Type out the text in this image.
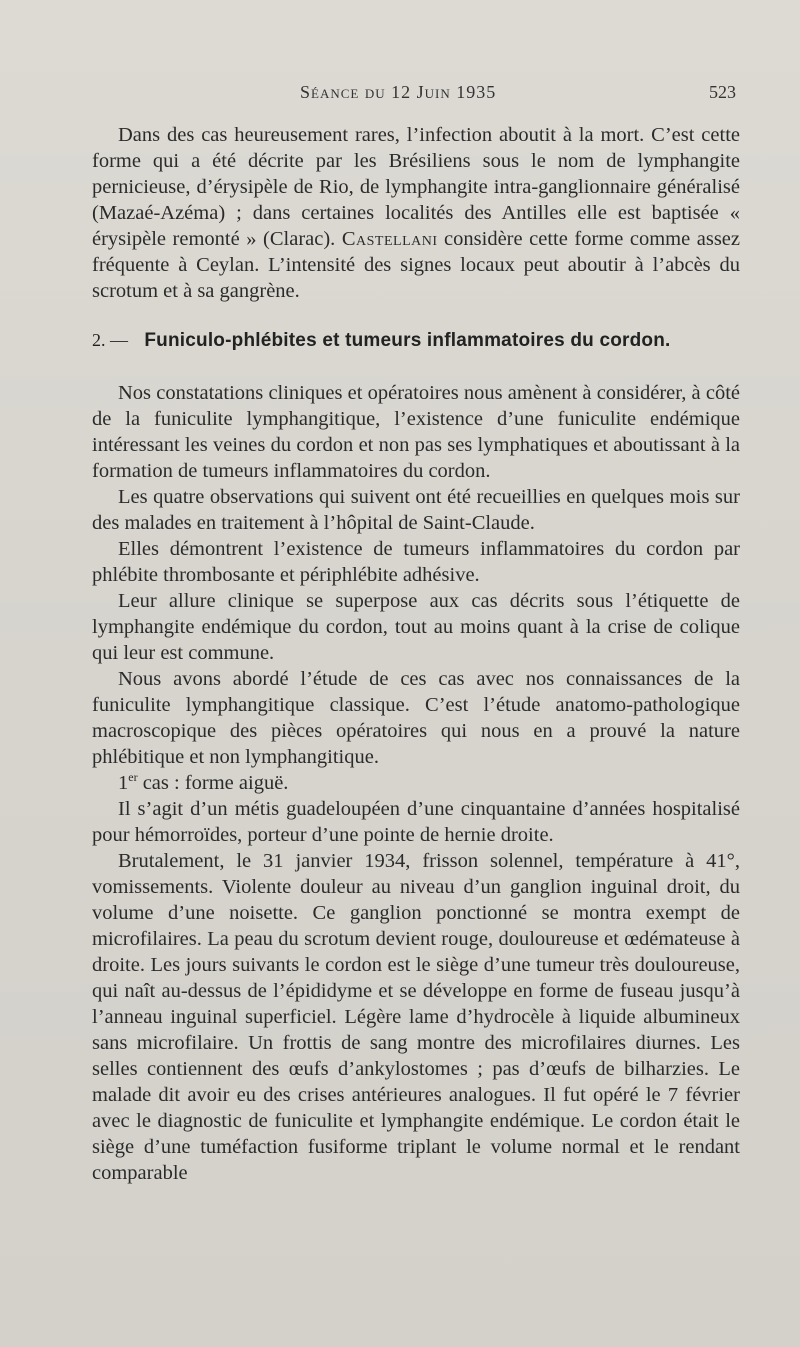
Séance du 12 Juin 1935	523

Dans des cas heureusement rares, l’infection aboutit à la mort. C’est cette forme qui a été décrite par les Brésiliens sous le nom de lymphangite pernicieuse, d’érysipèle de Rio, de lymphangite intra-ganglionnaire généralisé (Mazaé-Azéma) ; dans certaines localités des Antilles elle est baptisée « érysipèle remonté » (Clarac). Castellani considère cette forme comme assez fréquente à Ceylan. L’intensité des signes locaux peut aboutir à l’abcès du scrotum et à sa gangrène.

2. — Funiculo-phlébites et tumeurs inflammatoires du cordon.

Nos constatations cliniques et opératoires nous amènent à considérer, à côté de la funiculite lymphangitique, l’existence d’une funiculite endémique intéressant les veines du cordon et non pas ses lymphatiques et aboutissant à la formation de tumeurs inflammatoires du cordon.

Les quatre observations qui suivent ont été recueillies en quelques mois sur des malades en traitement à l’hôpital de Saint-Claude.

Elles démontrent l’existence de tumeurs inflammatoires du cordon par phlébite thrombosante et périphlébite adhésive.

Leur allure clinique se superpose aux cas décrits sous l’étiquette de lymphangite endémique du cordon, tout au moins quant à la crise de colique qui leur est commune.

Nous avons abordé l’étude de ces cas avec nos connaissances de la funiculite lymphangitique classique. C’est l’étude anatomo-pathologique macroscopique des pièces opératoires qui nous en a prouvé la nature phlébitique et non lymphangitique.

1er cas : forme aiguë.

Il s’agit d’un métis guadeloupéen d’une cinquantaine d’années hospitalisé pour hémorroïdes, porteur d’une pointe de hernie droite.

Brutalement, le 31 janvier 1934, frisson solennel, température à 41°, vomissements. Violente douleur au niveau d’un ganglion inguinal droit, du volume d’une noisette. Ce ganglion ponctionné se montra exempt de microfilaires. La peau du scrotum devient rouge, douloureuse et œdémateuse à droite. Les jours suivants le cordon est le siège d’une tumeur très douloureuse, qui naît au-dessus de l’épididyme et se développe en forme de fuseau jusqu’à l’anneau inguinal superficiel. Légère lame d’hydrocèle à liquide albumineux sans microfilaire. Un frottis de sang montre des microfilaires diurnes. Les selles contiennent des œufs d’ankylostomes ; pas d’œufs de bilharzies. Le malade dit avoir eu des crises antérieures analogues. Il fut opéré le 7 février avec le diagnostic de funiculite et lymphangite endémique. Le cordon était le siège d’une tuméfaction fusiforme triplant le volume normal et le rendant comparable
